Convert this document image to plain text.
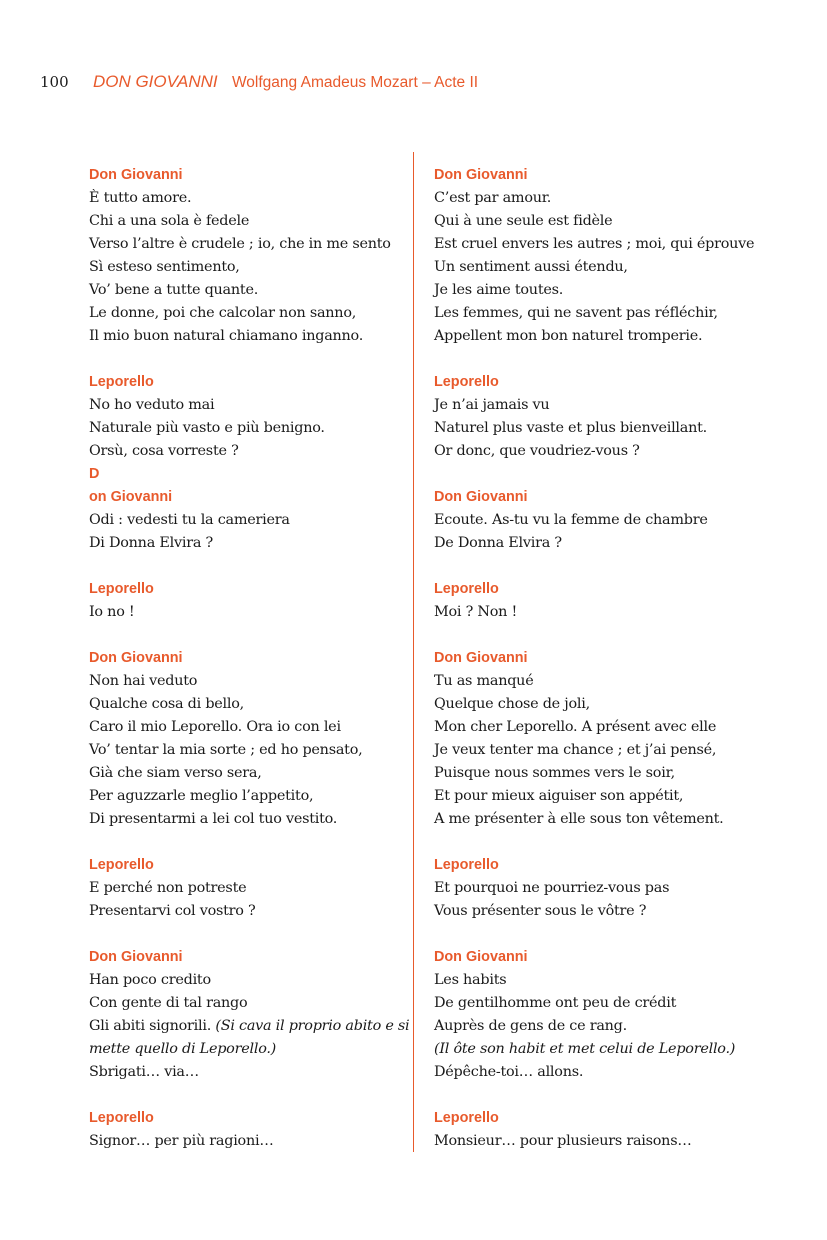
100 DON GIOVANNI Wolfgang Amadeus Mozart – Acte II
Don Giovanni
È tutto amore.
Chi a una sola è fedele
Verso l’altre è crudele ; io, che in me sento
Sì esteso sentimento,
Vo’ bene a tutte quante.
Le donne, poi che calcolar non sanno,
Il mio buon natural chiamano inganno.
Leporello
No ho veduto mai
Naturale più vasto e più benigno.
Orsù, cosa vorreste ?
D
on Giovanni
Odi : vedesti tu la cameriera
Di Donna Elvira ?
Leporello
Io no !
Don Giovanni
Non hai veduto
Qualche cosa di bello,
Caro il mio Leporello. Ora io con lei
Vo’ tentar la mia sorte ; ed ho pensato,
Già che siam verso sera,
Per aguzzarle meglio l’appetito,
Di presentarmi a lei col tuo vestito.
Leporello
E perché non potreste
Presentarvi col vostro ?
Don Giovanni
Han poco credito
Con gente di tal rango
Gli abiti signorili. (Si cava il proprio abito e si
mette quello di Leporello.)
Sbrigati… via…
Leporello
Signor… per più ragioni…
Don Giovanni
C’est par amour.
Qui à une seule est fidèle
Est cruel envers les autres ; moi, qui éprouve
Un sentiment aussi étendu,
Je les aime toutes.
Les femmes, qui ne savent pas réfléchir,
Appellent mon bon naturel tromperie.
Leporello
Je n’ai jamais vu
Naturel plus vaste et plus bienveillant.
Or donc, que voudriez-vous ?
Don Giovanni
Ecoute. As-tu vu la femme de chambre
De Donna Elvira ?
Leporello
Moi ? Non !
Don Giovanni
Tu as manqué
Quelque chose de joli,
Mon cher Leporello. A présent avec elle
Je veux tenter ma chance ; et j’ai pensé,
Puisque nous sommes vers le soir,
Et pour mieux aiguiser son appétit,
A me présenter à elle sous ton vêtement.
Leporello
Et pourquoi ne pourriez-vous pas
Vous présenter sous le vôtre ?
Don Giovanni
Les habits
De gentilhomme ont peu de crédit
Auprès de gens de ce rang.
(Il ôte son habit et met celui de Leporello.)
Dépêche-toi… allons.
Leporello
Monsieur… pour plusieurs raisons…
